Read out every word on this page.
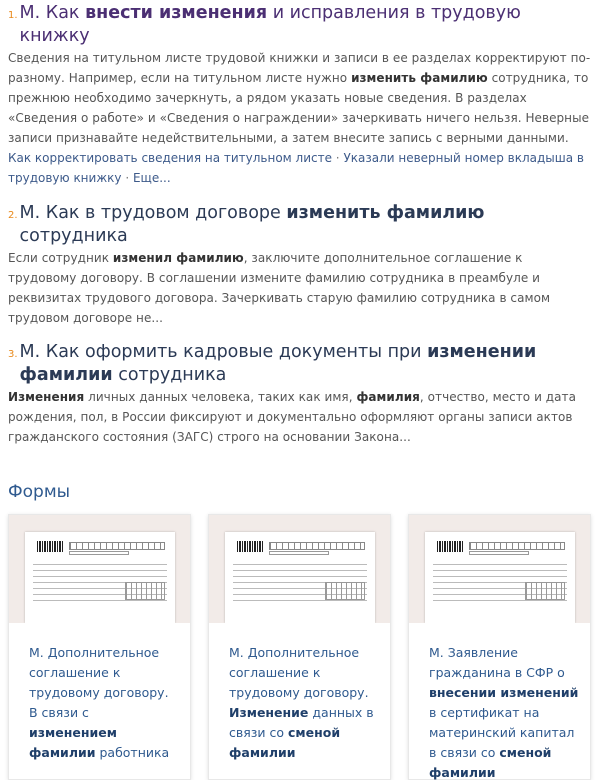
1. М. Как внести изменения и исправления в трудовую книжку
Сведения на титульном листе трудовой книжки и записи в ее разделах корректируют по-разному. Например, если на титульном листе нужно изменить фамилию сотрудника, то прежнюю необходимо зачеркнуть, а рядом указать новые сведения. В разделах «Сведения о работе» и «Сведения о награждении» зачеркивать ничего нельзя. Неверные записи признавайте недействительными, а затем внесите запись с верными данными.
Как корректировать сведения на титульном листе · Указали неверный номер вкладыша в трудовую книжку · Еще...
2. М. Как в трудовом договоре изменить фамилию сотрудника
Если сотрудник изменил фамилию, заключите дополнительное соглашение к трудовому договору. В соглашении измените фамилию сотрудника в преамбуле и реквизитах трудового договора. Зачеркивать старую фамилию сотрудника в самом трудовом договоре не...
3. М. Как оформить кадровые документы при изменении фамилии сотрудника
Изменения личных данных человека, таких как имя, фамилия, отчество, место и дата рождения, пол, в России фиксируют и документально оформляют органы записи актов гражданского состояния (ЗАГС) строго на основании Закона...
Формы
М. Дополнительное соглашение к трудовому договору. В связи с изменением фамилии работника
М. Дополнительное соглашение к трудовому договору. Изменение данных в связи со сменой фамилии
М. Заявление гражданина в СФР о внесении изменений в сертификат на материнский капитал в связи со сменой фамилии
